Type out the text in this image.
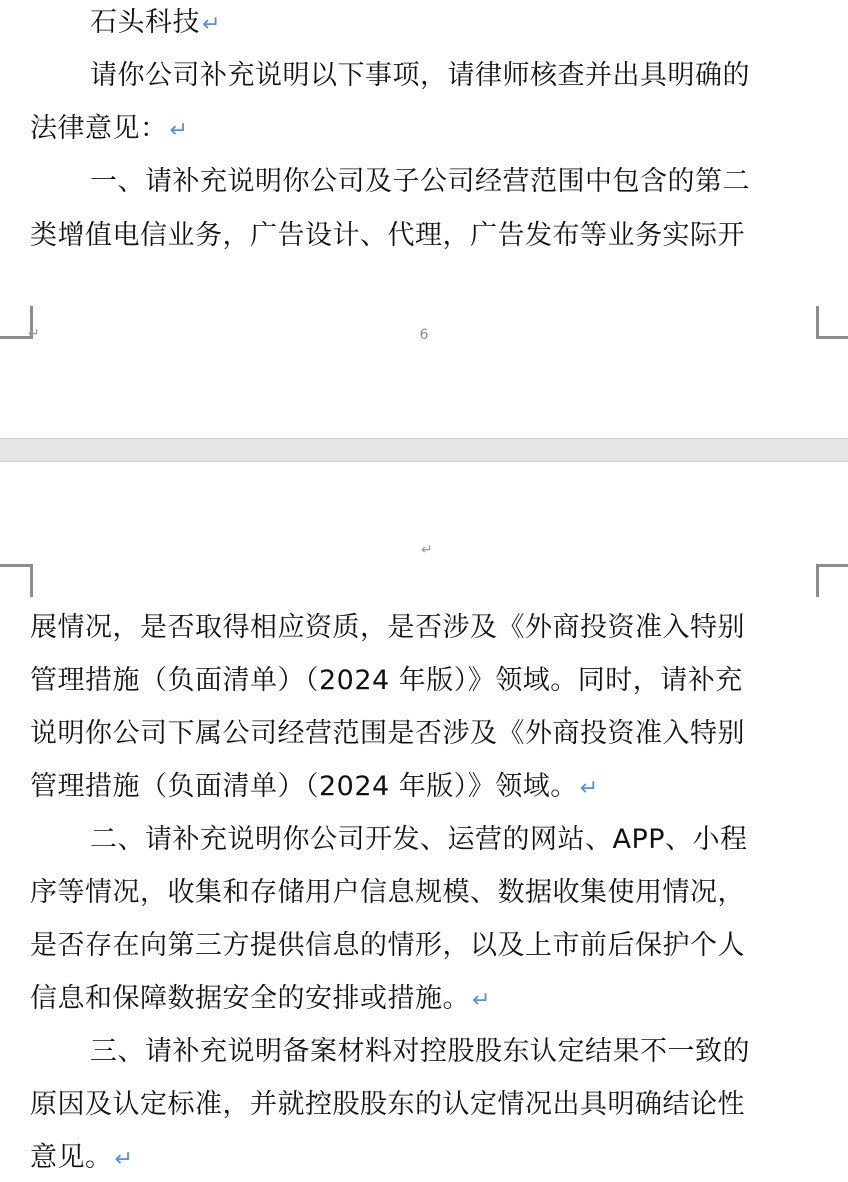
石头科技↵
请你公司补充说明以下事项，请律师核查并出具明确的
法律意见：↵
一、请补充说明你公司及子公司经营范围中包含的第二
类增值电信业务，广告设计、代理，广告发布等业务实际开
↵	6
↵
展情况，是否取得相应资质，是否涉及《外商投资准入特别
管理措施（负面清单）（2024 年版）》领域。同时，请补充
说明你公司下属公司经营范围是否涉及《外商投资准入特别
管理措施（负面清单）（2024 年版）》领域。↵
二、请补充说明你公司开发、运营的网站、APP、小程
序等情况，收集和存储用户信息规模、数据收集使用情况，
是否存在向第三方提供信息的情形，以及上市前后保护个人
信息和保障数据安全的安排或措施。↵
三、请补充说明备案材料对控股股东认定结果不一致的
原因及认定标准，并就控股股东的认定情况出具明确结论性
意见。↵
